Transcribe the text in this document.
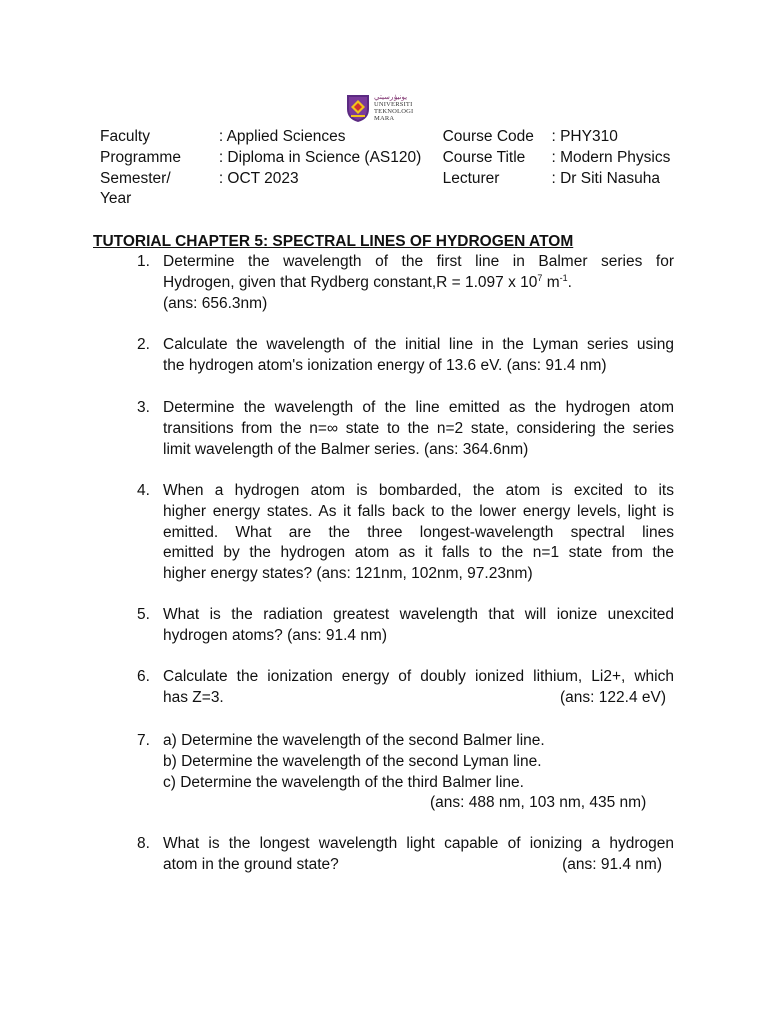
يونيۏرسيتي
UNIVERSITI
TEKNOLOGI
MARA
Faculty	: Applied Sciences	Course Code	: PHY310
Programme	: Diploma in Science (AS120)	Course Title	: Modern Physics
Semester/	: OCT 2023	Lecturer	: Dr Siti Nasuha
Year
TUTORIAL CHAPTER 5: SPECTRAL LINES OF HYDROGEN ATOM
1. Determine the wavelength of the first line in Balmer series for
Hydrogen, given that Rydberg constant,R = 1.097 x $10^7$ $m^{-1}$.
(ans: 656.3nm)
2. Calculate the wavelength of the initial line in the Lyman series using
the hydrogen atom's ionization energy of 13.6 eV. (ans: 91.4 nm)
3. Determine the wavelength of the line emitted as the hydrogen atom
transitions from the n=∞ state to the n=2 state, considering the series
limit wavelength of the Balmer series. (ans: 364.6nm)
4. When a hydrogen atom is bombarded, the atom is excited to its
higher energy states. As it falls back to the lower energy levels, light is
emitted. What are the three longest-wavelength spectral lines
emitted by the hydrogen atom as it falls to the n=1 state from the
higher energy states? (ans: 121nm, 102nm, 97.23nm)
5. What is the radiation greatest wavelength that will ionize unexcited
hydrogen atoms? (ans: 91.4 nm)
6. Calculate the ionization energy of doubly ionized lithium, Li2+, which
has Z=3.	(ans: 122.4 eV)
7. a) Determine the wavelength of the second Balmer line.
b) Determine the wavelength of the second Lyman line.
c) Determine the wavelength of the third Balmer line.
(ans: 488 nm, 103 nm, 435 nm)
8. What is the longest wavelength light capable of ionizing a hydrogen
atom in the ground state?	(ans: 91.4 nm)
